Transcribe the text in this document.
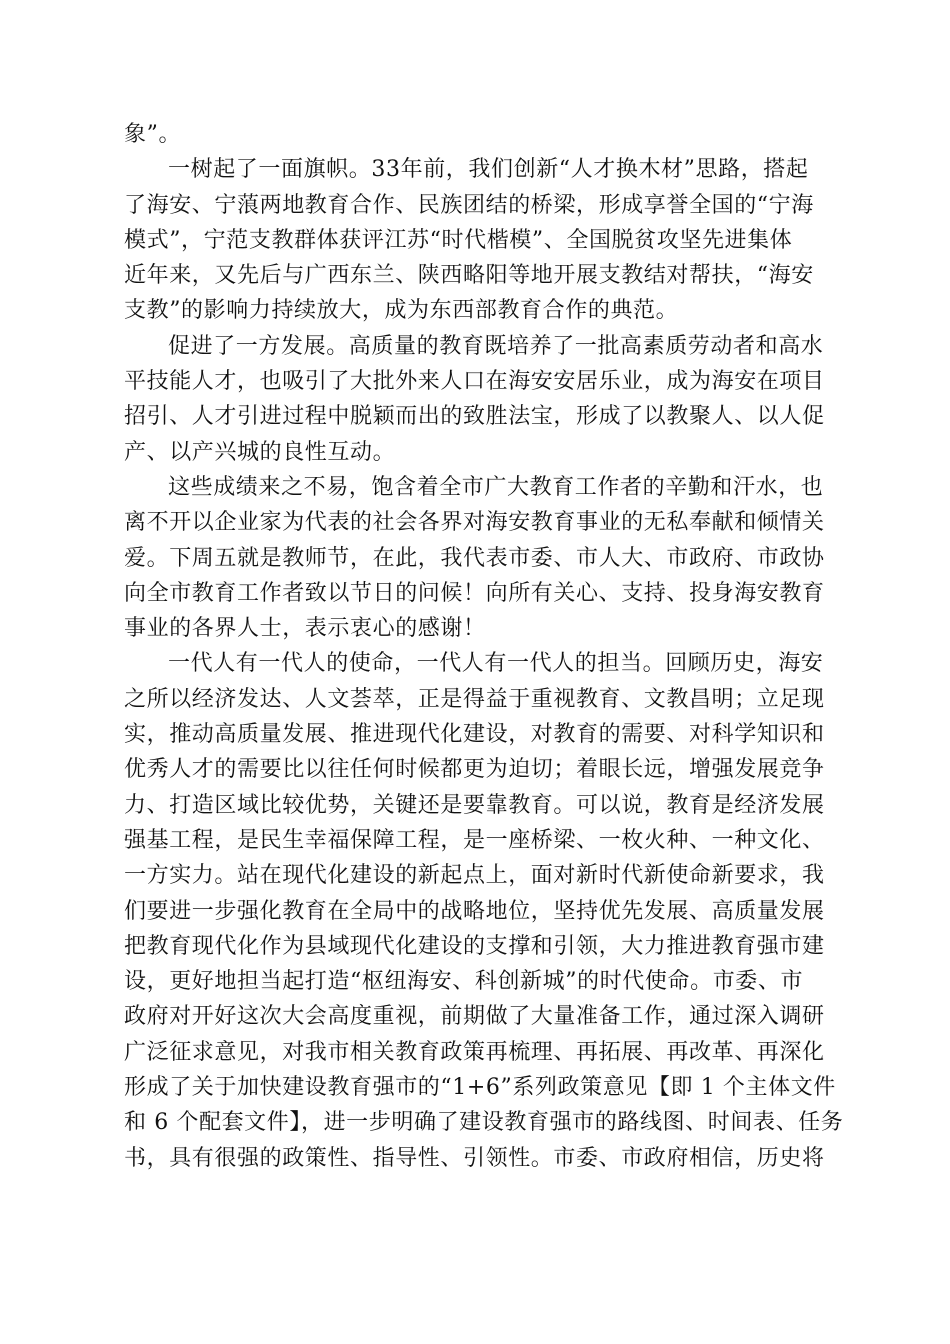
象”。
一树起了一面旗帜。33年前，我们创新“人才换木材”思路，搭起
了海安、宁蒗两地教育合作、民族团结的桥梁，形成享誉全国的“宁海
模式”，宁范支教群体获评江苏“时代楷模”、全国脱贫攻坚先进集体
近年来，又先后与广西东兰、陕西略阳等地开展支教结对帮扶，“海安
支教”的影响力持续放大，成为东西部教育合作的典范。
促进了一方发展。高质量的教育既培养了一批高素质劳动者和高水
平技能人才，也吸引了大批外来人口在海安安居乐业，成为海安在项目
招引、人才引进过程中脱颖而出的致胜法宝，形成了以教聚人、以人促
产、以产兴城的良性互动。
这些成绩来之不易，饱含着全市广大教育工作者的辛勤和汗水，也
离不开以企业家为代表的社会各界对海安教育事业的无私奉献和倾情关
爱。下周五就是教师节，在此，我代表市委、市人大、市政府、市政协
向全市教育工作者致以节日的问候！向所有关心、支持、投身海安教育
事业的各界人士，表示衷心的感谢！
一代人有一代人的使命，一代人有一代人的担当。回顾历史，海安
之所以经济发达、人文荟萃，正是得益于重视教育、文教昌明；立足现
实，推动高质量发展、推进现代化建设，对教育的需要、对科学知识和
优秀人才的需要比以往任何时候都更为迫切；着眼长远，增强发展竞争
力、打造区域比较优势，关键还是要靠教育。可以说，教育是经济发展
强基工程，是民生幸福保障工程，是一座桥梁、一枚火种、一种文化、
一方实力。站在现代化建设的新起点上，面对新时代新使命新要求，我
们要进一步强化教育在全局中的战略地位，坚持优先发展、高质量发展
把教育现代化作为县域现代化建设的支撑和引领，大力推进教育强市建
设，更好地担当起打造“枢纽海安、科创新城”的时代使命。市委、市
政府对开好这次大会高度重视，前期做了大量准备工作，通过深入调研
广泛征求意见，对我市相关教育政策再梳理、再拓展、再改革、再深化
形成了关于加快建设教育强市的“1+6”系列政策意见【即 1 个主体文件
和 6 个配套文件】，进一步明确了建设教育强市的路线图、时间表、任务
书，具有很强的政策性、指导性、引领性。市委、市政府相信，历史将
